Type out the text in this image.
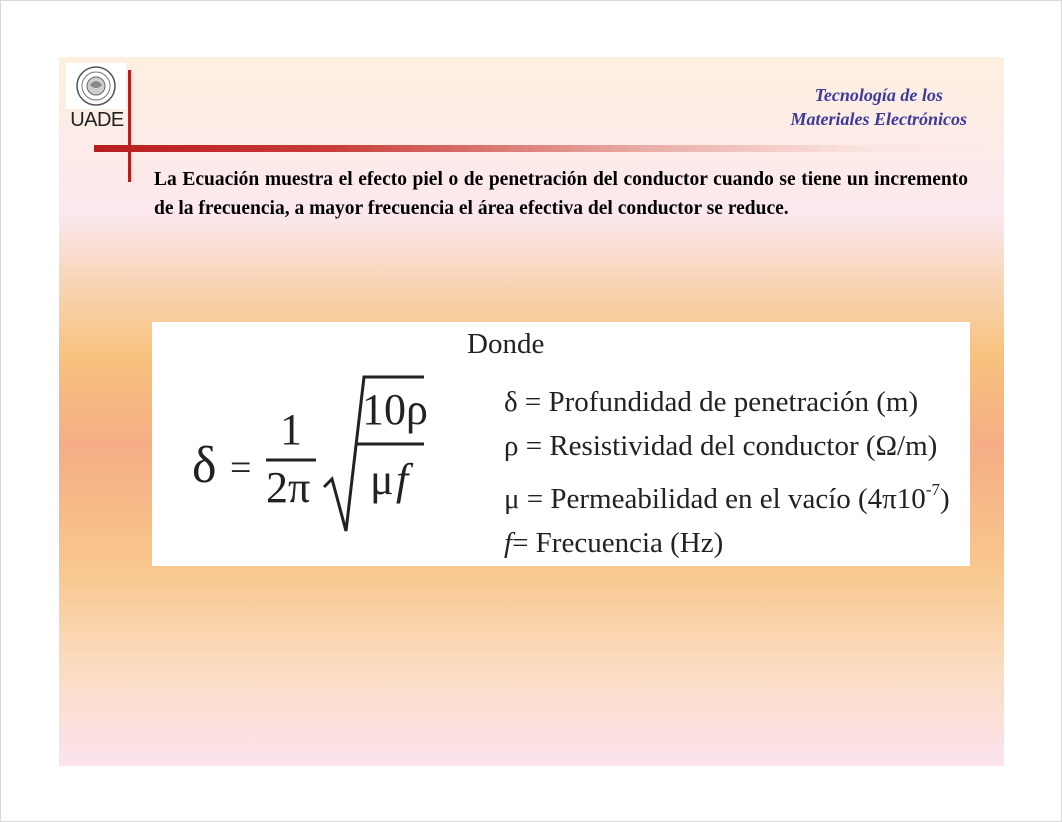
UADE
Tecnología de los
Materiales Electrónicos
La Ecuación muestra el efecto piel o de penetración del conductor cuando se tiene un incremento de la frecuencia, a mayor frecuencia el área efectiva del conductor se reduce.
δ =
1
2π
10ρ
μ f
Donde
δ = Profundidad de penetración (m)
ρ = Resistividad del conductor (Ω/m)
μ = Permeabilidad en el vacío $(4\pi 10^{-7})$
f= Frecuencia (Hz)
